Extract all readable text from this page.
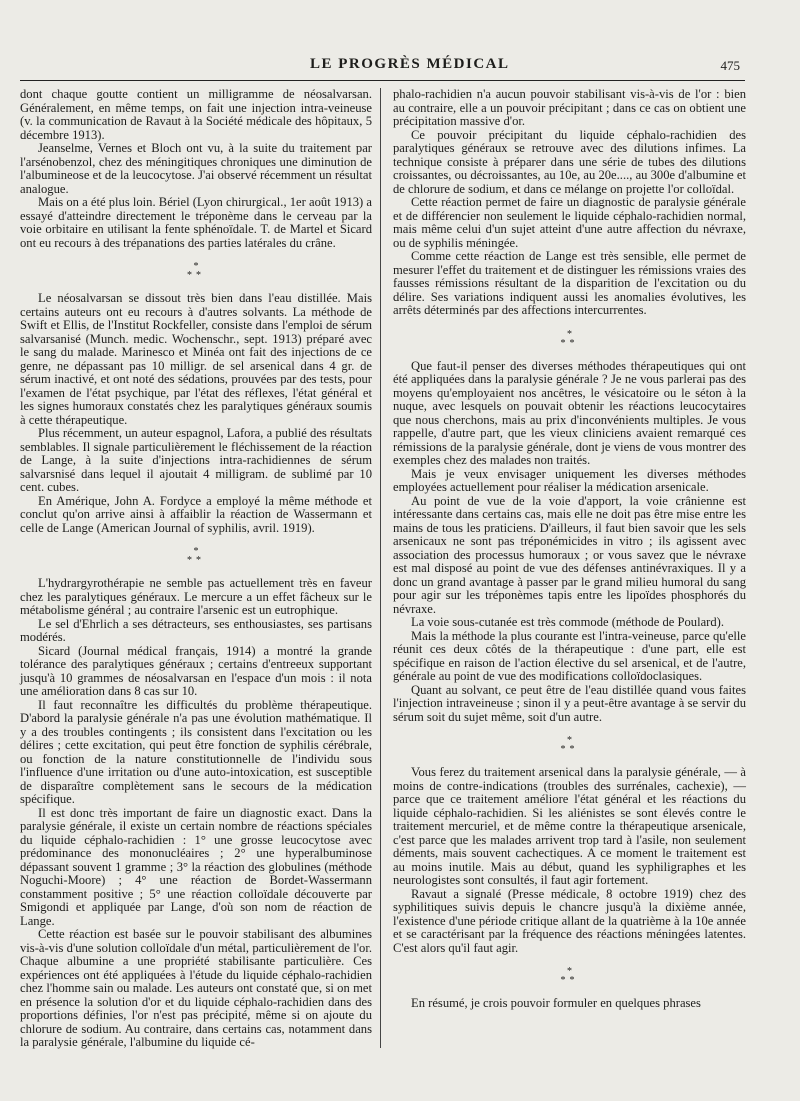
LE PROGRÈS MÉDICAL	475

dont chaque goutte contient un milligramme de néosalvarsan. Généralement, en même temps, on fait une injection intra-veineuse (v. la communication de Ravaut à la Société médicale des hôpitaux, 5 décembre 1913).

Jeanselme, Vernes et Bloch ont vu, à la suite du traitement par l'arsénobenzol, chez des méningitiques chroniques une diminution de l'albumineose et de la leucocytose. J'ai observé récemment un résultat analogue.

Mais on a été plus loin. Bériel (Lyon chirurgical., 1er août 1913) a essayé d'atteindre directement le tréponème dans le cerveau par la voie orbitaire en utilisant la fente sphénoïdale. T. de Martel et Sicard ont eu recours à des trépanations des parties latérales du crâne.

*
**

Le néosalvarsan se dissout très bien dans l'eau distillée. Mais certains auteurs ont eu recours à d'autres solvants. La méthode de Swift et Ellis, de l'Institut Rockfeller, consiste dans l'emploi de sérum salvarsanisé (Munch. medic. Wochenschr., sept. 1913) préparé avec le sang du malade. Marinesco et Minéa ont fait des injections de ce genre, ne dépassant pas 10 milligr. de sel arsenical dans 4 gr. de sérum inactivé, et ont noté des sédations, prouvées par des tests, pour l'examen de l'état psychique, par l'état des réflexes, l'état général et les signes humoraux constatés chez les paralytiques généraux soumis à cette thérapeutique.

Plus récemment, un auteur espagnol, Lafora, a publié des résultats semblables. Il signale particulièrement le fléchissement de la réaction de Lange, à la suite d'injections intra-rachidiennes de sérum salvarsnisé dans lequel il ajoutait 4 milligram. de sublimé par 10 cent. cubes.

En Amérique, John A. Fordyce a employé la même méthode et conclut qu'on arrive ainsi à affaiblir la réaction de Wassermann et celle de Lange (American Journal of syphilis, avril. 1919).

*
**

L'hydrargyrothérapie ne semble pas actuellement très en faveur chez les paralytiques généraux. Le mercure a un effet fâcheux sur le métabolisme général ; au contraire l'arsenic est un eutrophique.

Le sel d'Ehrlich a ses détracteurs, ses enthousiastes, ses partisans modérés.

Sicard (Journal médical français, 1914) a montré la grande tolérance des paralytiques généraux ; certains d'entreeux supportant jusqu'à 10 grammes de néosalvarsan en l'espace d'un mois : il nota une amélioration dans 8 cas sur 10.

Il faut reconnaître les difficultés du problème thérapeutique. D'abord la paralysie générale n'a pas une évolution mathématique. Il y a des troubles contingents ; ils consistent dans l'excitation ou les délires ; cette excitation, qui peut être fonction de syphilis cérébrale, ou fonction de la nature constitutionnelle de l'individu sous l'influence d'une irritation ou d'une auto-intoxication, est susceptible de disparaître complètement sans le secours de la médication spécifique.

Il est donc très important de faire un diagnostic exact. Dans la paralysie générale, il existe un certain nombre de réactions spéciales du liquide céphalo-rachidien : 1° une grosse leucocytose avec prédominance des mononucléaires ; 2° une hyperalbuminose dépassant souvent 1 gramme ; 3° la réaction des globulines (méthode Noguchi-Moore) ; 4° une réaction de Bordet-Wassermann constamment positive ; 5° une réaction colloïdale découverte par Smigondi et appliquée par Lange, d'où son nom de réaction de Lange.

Cette réaction est basée sur le pouvoir stabilisant des albumines vis-à-vis d'une solution colloïdale d'un métal, particulièrement de l'or. Chaque albumine a une propriété stabilisante particulière. Ces expériences ont été appliquées à l'étude du liquide céphalo-rachidien chez l'homme sain ou malade. Les auteurs ont constaté que, si on met en présence la solution d'or et du liquide céphalo-rachidien dans des proportions définies, l'or n'est pas précipité, même si on ajoute du chlorure de sodium. Au contraire, dans certains cas, notamment dans la paralysie générale, l'albumine du liquide cé-

phalo-rachidien n'a aucun pouvoir stabilisant vis-à-vis de l'or : bien au contraire, elle a un pouvoir précipitant ; dans ce cas on obtient une précipitation massive d'or.

Ce pouvoir précipitant du liquide céphalo-rachidien des paralytiques généraux se retrouve avec des dilutions infimes. La technique consiste à préparer dans une série de tubes des dilutions croissantes, ou décroissantes, au 10e, au 20e...., au 300e d'albumine et de chlorure de sodium, et dans ce mélange on projette l'or colloïdal.

Cette réaction permet de faire un diagnostic de paralysie générale et de différencier non seulement le liquide céphalo-rachidien normal, mais même celui d'un sujet atteint d'une autre affection du névraxe, ou de syphilis méningée.

Comme cette réaction de Lange est très sensible, elle permet de mesurer l'effet du traitement et de distinguer les rémissions vraies des fausses rémissions résultant de la disparition de l'excitation ou du délire. Ses variations indiquent aussi les anomalies évolutives, les arrêts déterminés par des affections intercurrentes.

*
**

Que faut-il penser des diverses méthodes thérapeutiques qui ont été appliquées dans la paralysie générale ? Je ne vous parlerai pas des moyens qu'employaient nos ancêtres, le vésicatoire ou le séton à la nuque, avec lesquels on pouvait obtenir les réactions leucocytaires que nous cherchons, mais au prix d'inconvénients multiples. Je vous rappelle, d'autre part, que les vieux cliniciens avaient remarqué ces rémissions de la paralysie générale, dont je viens de vous montrer des exemples chez des malades non traités.

Mais je veux envisager uniquement les diverses méthodes employées actuellement pour réaliser la médication arsenicale.

Au point de vue de la voie d'apport, la voie crânienne est intéressante dans certains cas, mais elle ne doit pas être mise entre les mains de tous les praticiens. D'ailleurs, il faut bien savoir que les sels arsenicaux ne sont pas tréponémicides in vitro ; ils agissent avec association des processus humoraux ; or vous savez que le névraxe est mal disposé au point de vue des défenses antinévraxiques. Il y a donc un grand avantage à passer par le grand milieu humoral du sang pour agir sur les tréponèmes tapis entre les lipoïdes phosphorés du névraxe.

La voie sous-cutanée est très commode (méthode de Poulard).

Mais la méthode la plus courante est l'intra-veineuse, parce qu'elle réunit ces deux côtés de la thérapeutique : d'une part, elle est spécifique en raison de l'action élective du sel arsenical, et de l'autre, générale au point de vue des modifications colloïdoclasiques.

Quant au solvant, ce peut être de l'eau distillée quand vous faites l'injection intraveineuse ; sinon il y a peut-être avantage à se servir du sérum soit du sujet même, soit d'un autre.

*
**

Vous ferez du traitement arsenical dans la paralysie générale, — à moins de contre-indications (troubles des surrénales, cachexie), — parce que ce traitement améliore l'état général et les réactions du liquide céphalo-rachidien. Si les aliénistes se sont élevés contre le traitement mercuriel, et de même contre la thérapeutique arsenicale, c'est parce que les malades arrivent trop tard à l'asile, non seulement déments, mais souvent cachectiques. A ce moment le traitement est au moins inutile. Mais au début, quand les syphiligraphes et les neurologistes sont consultés, il faut agir fortement.

Ravaut a signalé (Presse médicale, 8 octobre 1919) chez des syphilitiques suivis depuis le chancre jusqu'à la dixième année, l'existence d'une période critique allant de la quatrième à la 10e année et se caractérisant par la fréquence des réactions méningées latentes. C'est alors qu'il faut agir.

*
**

En résumé, je crois pouvoir formuler en quelques phrases
